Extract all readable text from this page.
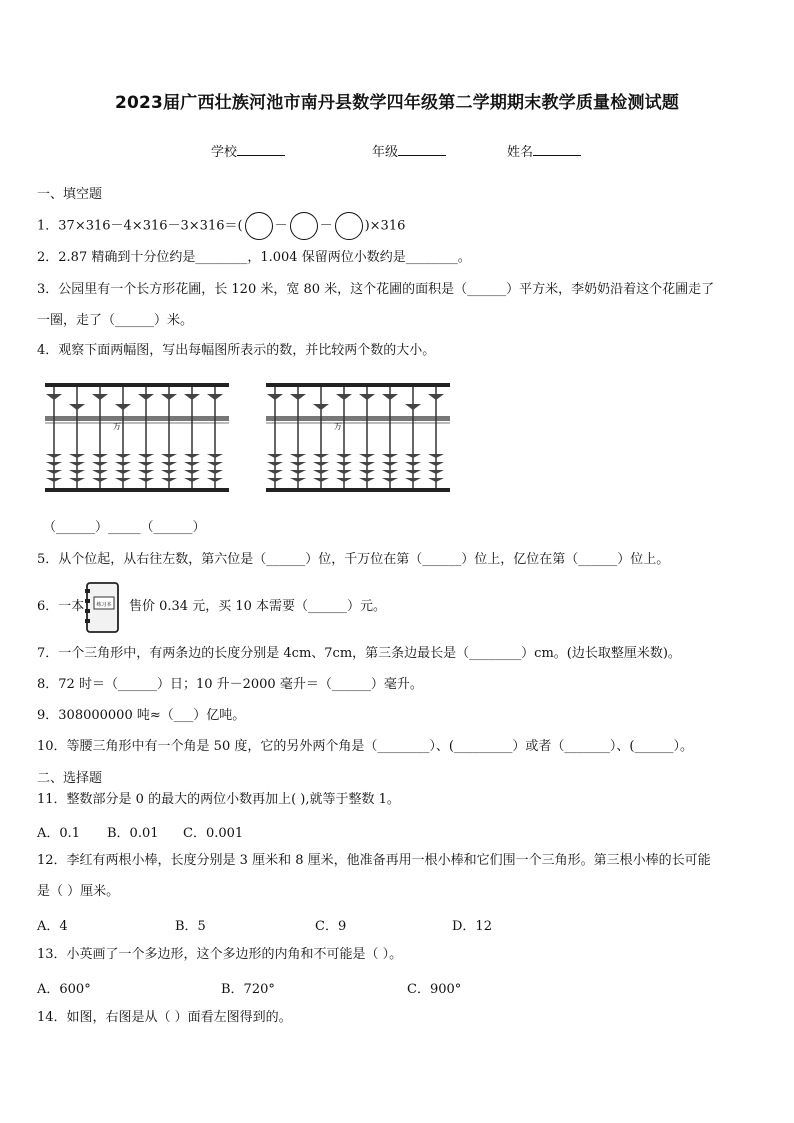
2023届广西壮族河池市南丹县数学四年级第二学期期末教学质量检测试题
学校	年级	姓名
一、填空题
1．37×316－4×316－3×316＝( － － )×316
2．2.87 精确到十分位约是________，1.004 保留两位小数约是________。
3．公园里有一个长方形花圃，长 120 米，宽 80 米，这个花圃的面积是（______）平方米，李奶奶沿着这个花圃走了
一圈，走了（______）米。
4．观察下面两幅图，写出每幅图所表示的数，并比较两个数的大小。
万	万
（______）_____（______）
5．从个位起，从右往左数，第六位是（______）位，千万位在第（______）位上，亿位在第（______）位上。
6．一本 练习本 售价 0.34 元，买 10 本需要（______）元。
7．一个三角形中，有两条边的长度分别是 4cm、7cm，第三条边最长是（________）cm。(边长取整厘米数)。
8．72 时＝（______）日；10 升－2000 毫升＝（______）毫升。
9．308000000 吨≈（___）亿吨。
10．等腰三角形中有一个角是 50 度，它的另外两个角是（________）、(_________）或者（_______）、(______）。
二、选择题
11．整数部分是 0 的最大的两位小数再加上( ),就等于整数 1。
A．0.1 B．0.01 C．0.001
12．李红有两根小棒，长度分别是 3 厘米和 8 厘米，他准备再用一根小棒和它们围一个三角形。第三根小棒的长可能
是（ ）厘米。
A．4	B．5	C．9	D．12
13．小英画了一个多边形，这个多边形的内角和不可能是（ ）。
A．600°	B．720°	C．900°
14．如图，右图是从（ ）面看左图得到的。
